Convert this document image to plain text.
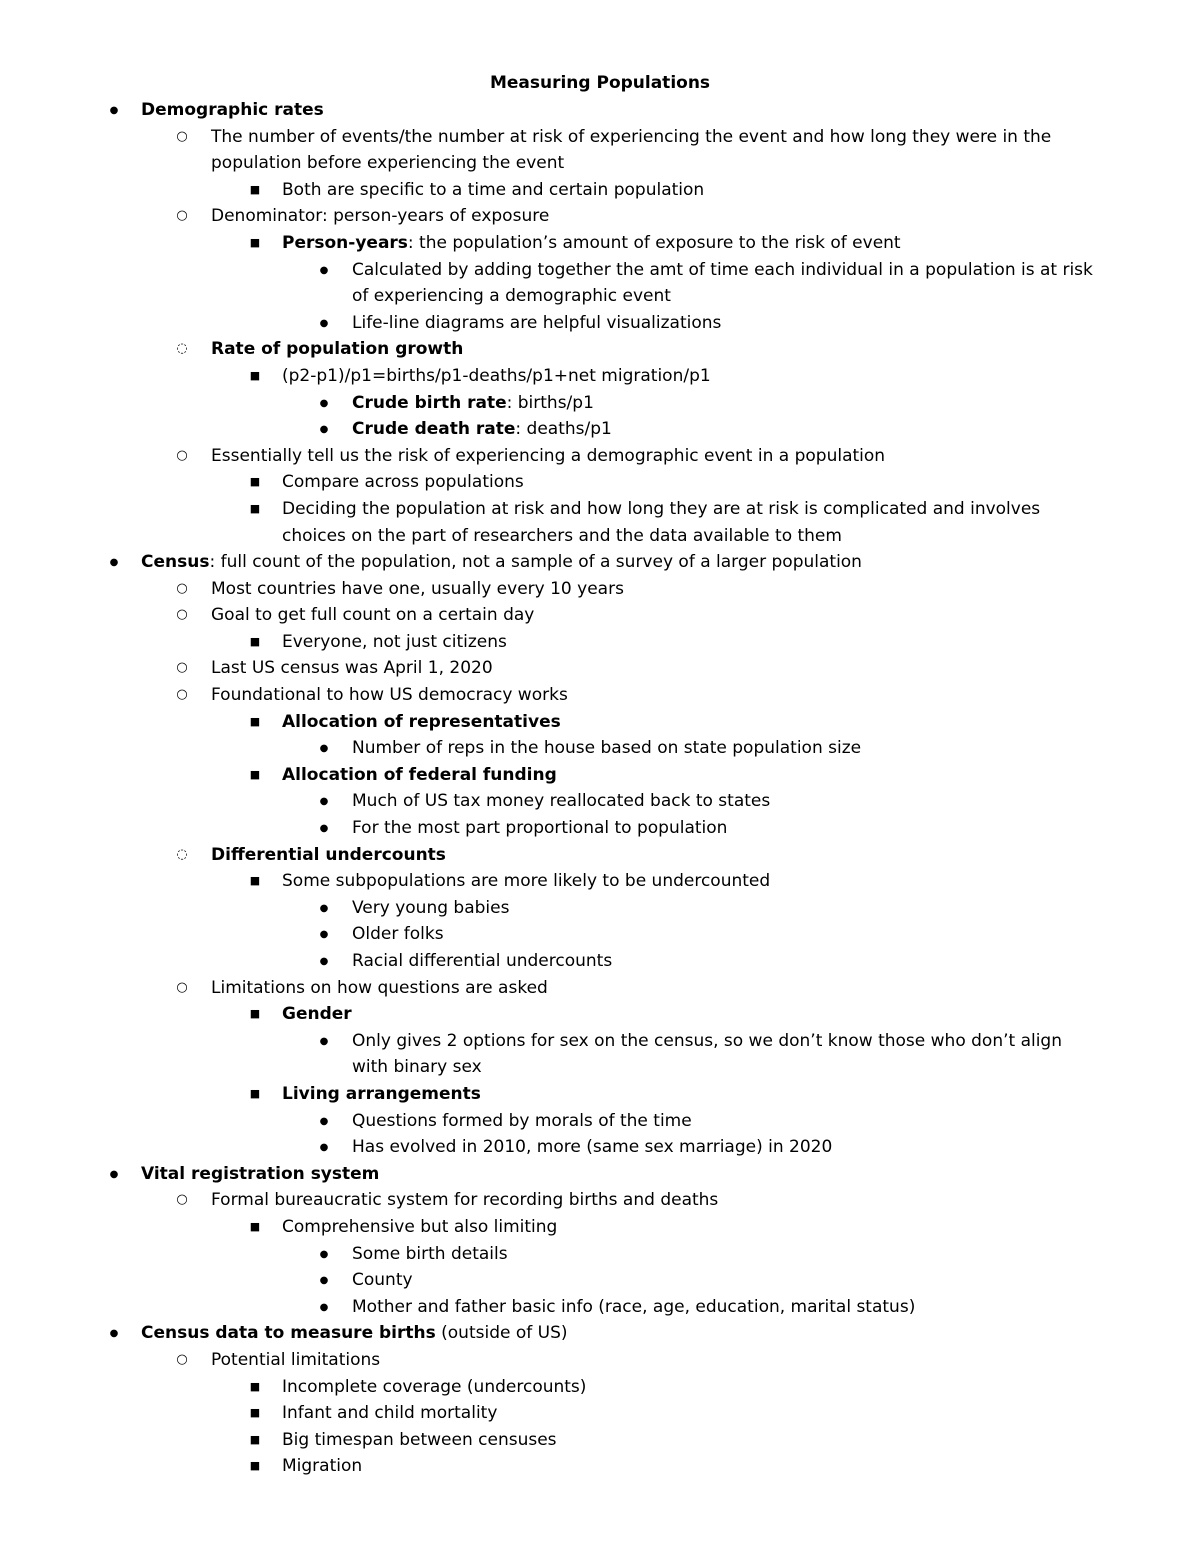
Measuring Populations
●
Demographic rates
○
The number of events/the number at risk of experiencing the event and how long they were in the
population before experiencing the event
■
Both are specific to a time and certain population
○
Denominator: person-years of exposure
■
Person-years: the population’s amount of exposure to the risk of event
●
Calculated by adding together the amt of time each individual in a population is at risk
of experiencing a demographic event
●
Life-line diagrams are helpful visualizations
◌
Rate of population growth
■
(p2-p1)/p1=births/p1-deaths/p1+net migration/p1
●
Crude birth rate: births/p1
●
Crude death rate: deaths/p1
○
Essentially tell us the risk of experiencing a demographic event in a population
■
Compare across populations
■
Deciding the population at risk and how long they are at risk is complicated and involves
choices on the part of researchers and the data available to them
●
Census: full count of the population, not a sample of a survey of a larger population
○
Most countries have one, usually every 10 years
○
Goal to get full count on a certain day
■
Everyone, not just citizens
○
Last US census was April 1, 2020
○
Foundational to how US democracy works
■
Allocation of representatives
●
Number of reps in the house based on state population size
■
Allocation of federal funding
●
Much of US tax money reallocated back to states
●
For the most part proportional to population
◌
Differential undercounts
■
Some subpopulations are more likely to be undercounted
●
Very young babies
●
Older folks
●
Racial differential undercounts
○
Limitations on how questions are asked
■
Gender
●
Only gives 2 options for sex on the census, so we don’t know those who don’t align
with binary sex
■
Living arrangements
●
Questions formed by morals of the time
●
Has evolved in 2010, more (same sex marriage) in 2020
●
Vital registration system
○
Formal bureaucratic system for recording births and deaths
■
Comprehensive but also limiting
●
Some birth details
●
County
●
Mother and father basic info (race, age, education, marital status)
●
Census data to measure births (outside of US)
○
Potential limitations
■
Incomplete coverage (undercounts)
■
Infant and child mortality
■
Big timespan between censuses
■
Migration
